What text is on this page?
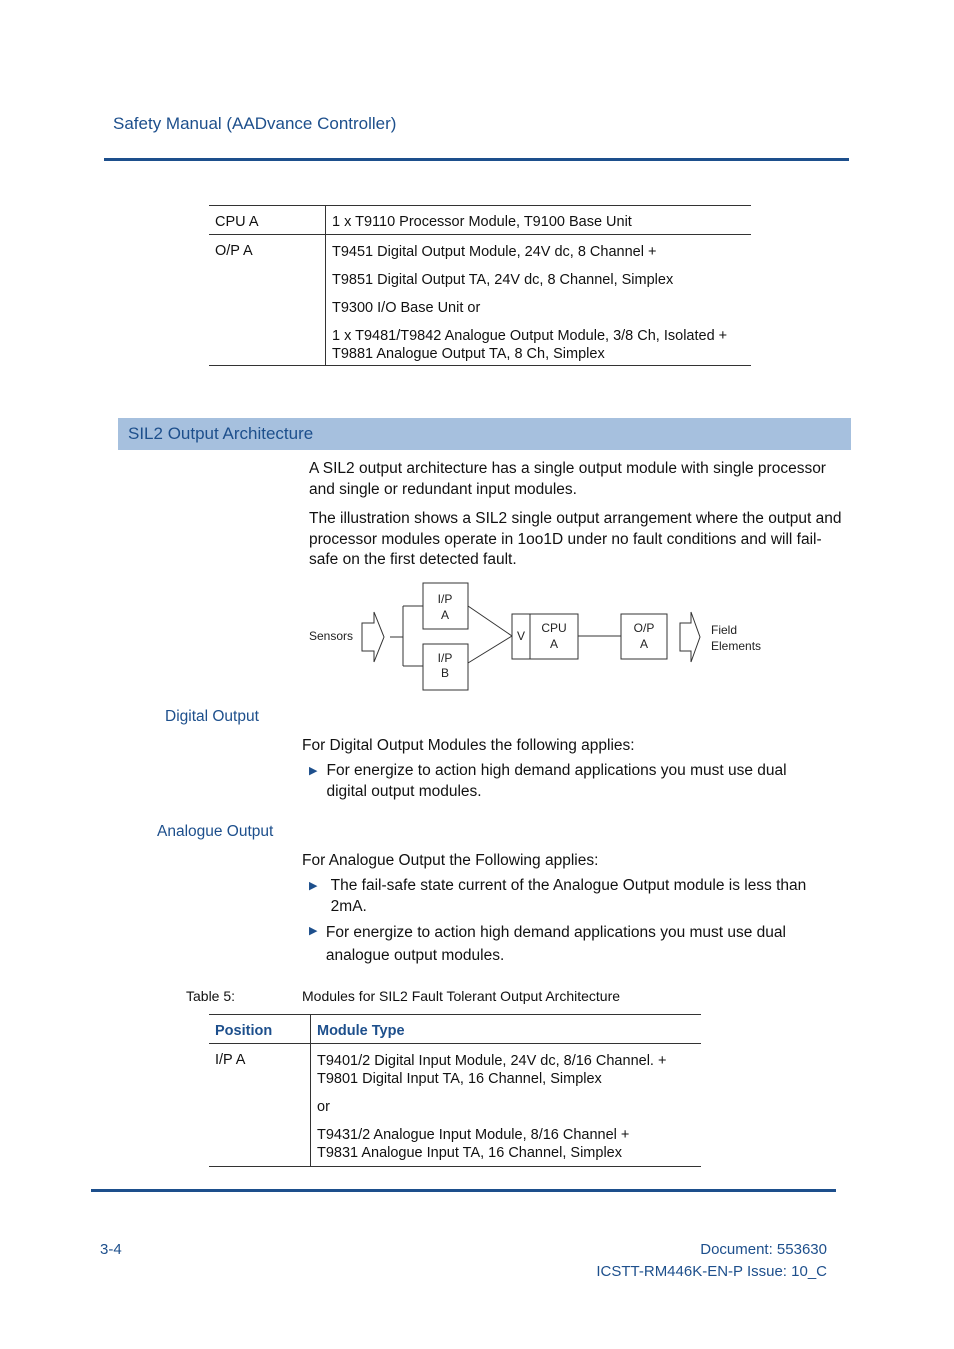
Safety Manual (AADvance Controller)
CPU A	1 x T9110 Processor Module, T9100 Base Unit
O/P A	T9451 Digital Output Module, 24V dc, 8 Channel +
T9851 Digital Output TA, 24V dc, 8 Channel, Simplex
T9300 I/O Base Unit or
1 x T9481/T9842 Analogue Output Module, 3/8 Ch, Isolated +
T9881 Analogue Output TA, 8 Ch, Simplex
SIL2 Output Architecture
A SIL2 output architecture has a single output module with single processor and single or redundant input modules.
The illustration shows a SIL2 single output arrangement where the output and processor modules operate in 1oo1D under no fault conditions and will fail-safe on the first detected fault.
Sensors
I/P
A
I/P
B
V
CPU
A
O/P
A
Field
Elements
Digital Output
For Digital Output Modules the following applies:
▶ For energize to action high demand applications you must use dual digital output modules.
Analogue Output
For Analogue Output the Following applies:
▶ The fail-safe state current of the Analogue Output module is less than 2mA.
▶ For energize to action high demand applications you must use dual analogue output modules.
Table 5:	Modules for SIL2 Fault Tolerant Output Architecture
Position	Module Type
I/P A	T9401/2 Digital Input Module, 24V dc, 8/16 Channel. +
T9801 Digital Input TA, 16 Channel, Simplex
or
T9431/2 Analogue Input Module, 8/16 Channel +
T9831 Analogue Input TA, 16 Channel, Simplex
3-4	Document: 553630
ICSTT-RM446K-EN-P Issue: 10_C
